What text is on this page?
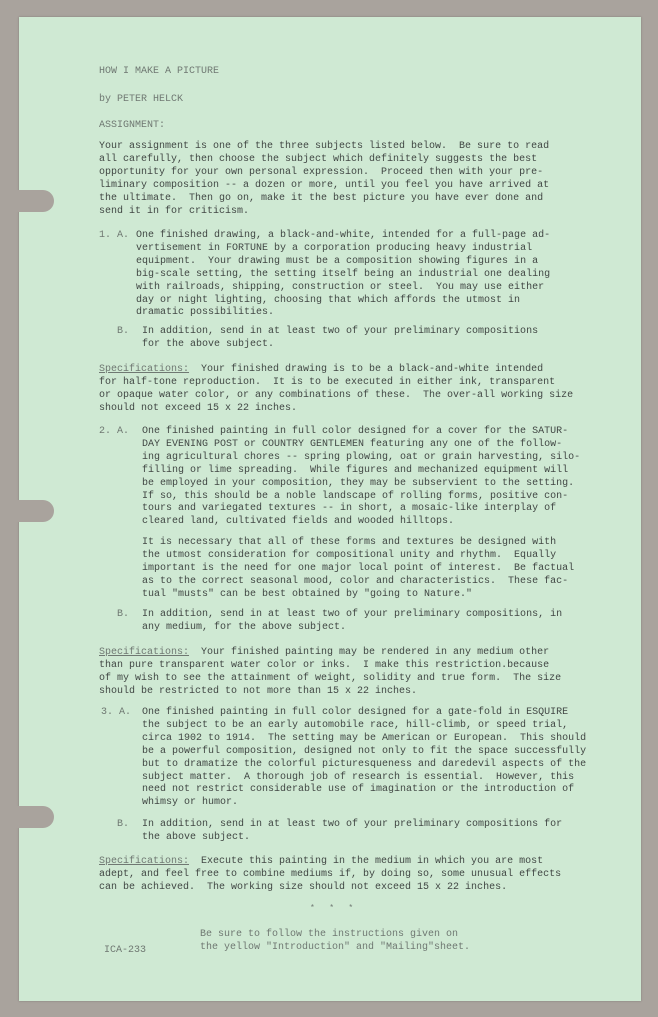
HOW I MAKE A PICTURE

by PETER HELCK

ASSIGNMENT:

Your assignment is one of the three subjects listed below.  Be sure to read
all carefully, then choose the subject which definitely suggests the best
opportunity for your own personal expression.  Proceed then with your pre-
liminary composition -- a dozen or more, until you feel you have arrived at
the ultimate.  Then go on, make it the best picture you have ever done and
send it in for criticism.

1. A. One finished drawing, a black-and-white, intended for a full-page ad-
vertisement in FORTUNE by a corporation producing heavy industrial
equipment.  Your drawing must be a composition showing figures in a
big-scale setting, the setting itself being an industrial one dealing
with railroads, shipping, construction or steel.  You may use either
day or night lighting, choosing that which affords the utmost in
dramatic possibilities.

B. In addition, send in at least two of your preliminary compositions
for the above subject.

Specifications:  Your finished drawing is to be a black-and-white intended
for half-tone reproduction.  It is to be executed in either ink, transparent
or opaque water color, or any combinations of these.  The over-all working size
should not exceed 15 x 22 inches.

2. A. One finished painting in full color designed for a cover for the SATUR-
DAY EVENING POST or COUNTRY GENTLEMEN featuring any one of the follow-
ing agricultural chores -- spring plowing, oat or grain harvesting, silo-
filling or lime spreading.  While figures and mechanized equipment will
be employed in your composition, they may be subservient to the setting.
If so, this should be a noble landscape of rolling forms, positive con-
tours and variegated textures -- in short, a mosaic-like interplay of
cleared land, cultivated fields and wooded hilltops.

It is necessary that all of these forms and textures be designed with
the utmost consideration for compositional unity and rhythm.  Equally
important is the need for one major local point of interest.  Be factual
as to the correct seasonal mood, color and characteristics.  These fac-
tual "musts" can be best obtained by "going to Nature."

B. In addition, send in at least two of your preliminary compositions, in
any medium, for the above subject.

Specifications:  Your finished painting may be rendered in any medium other
than pure transparent water color or inks.  I make this restriction.because
of my wish to see the attainment of weight, solidity and true form.  The size
should be restricted to not more than 15 x 22 inches.

3. A. One finished painting in full color designed for a gate-fold in ESQUIRE
the subject to be an early automobile race, hill-climb, or speed trial,
circa 1902 to 1914.  The setting may be American or European.  This should
be a powerful composition, designed not only to fit the space successfully
but to dramatize the colorful picturesqueness and daredevil aspects of the
subject matter.  A thorough job of research is essential.  However, this
need not restrict considerable use of imagination or the introduction of
whimsy or humor.

B. In addition, send in at least two of your preliminary compositions for
the above subject.

Specifications:  Execute this painting in the medium in which you are most
adept, and feel free to combine mediums if, by doing so, some unusual effects
can be achieved.  The working size should not exceed 15 x 22 inches.

*   *   *

Be sure to follow the instructions given on
the yellow "Introduction" and "Mailing"sheet.

ICA-233
